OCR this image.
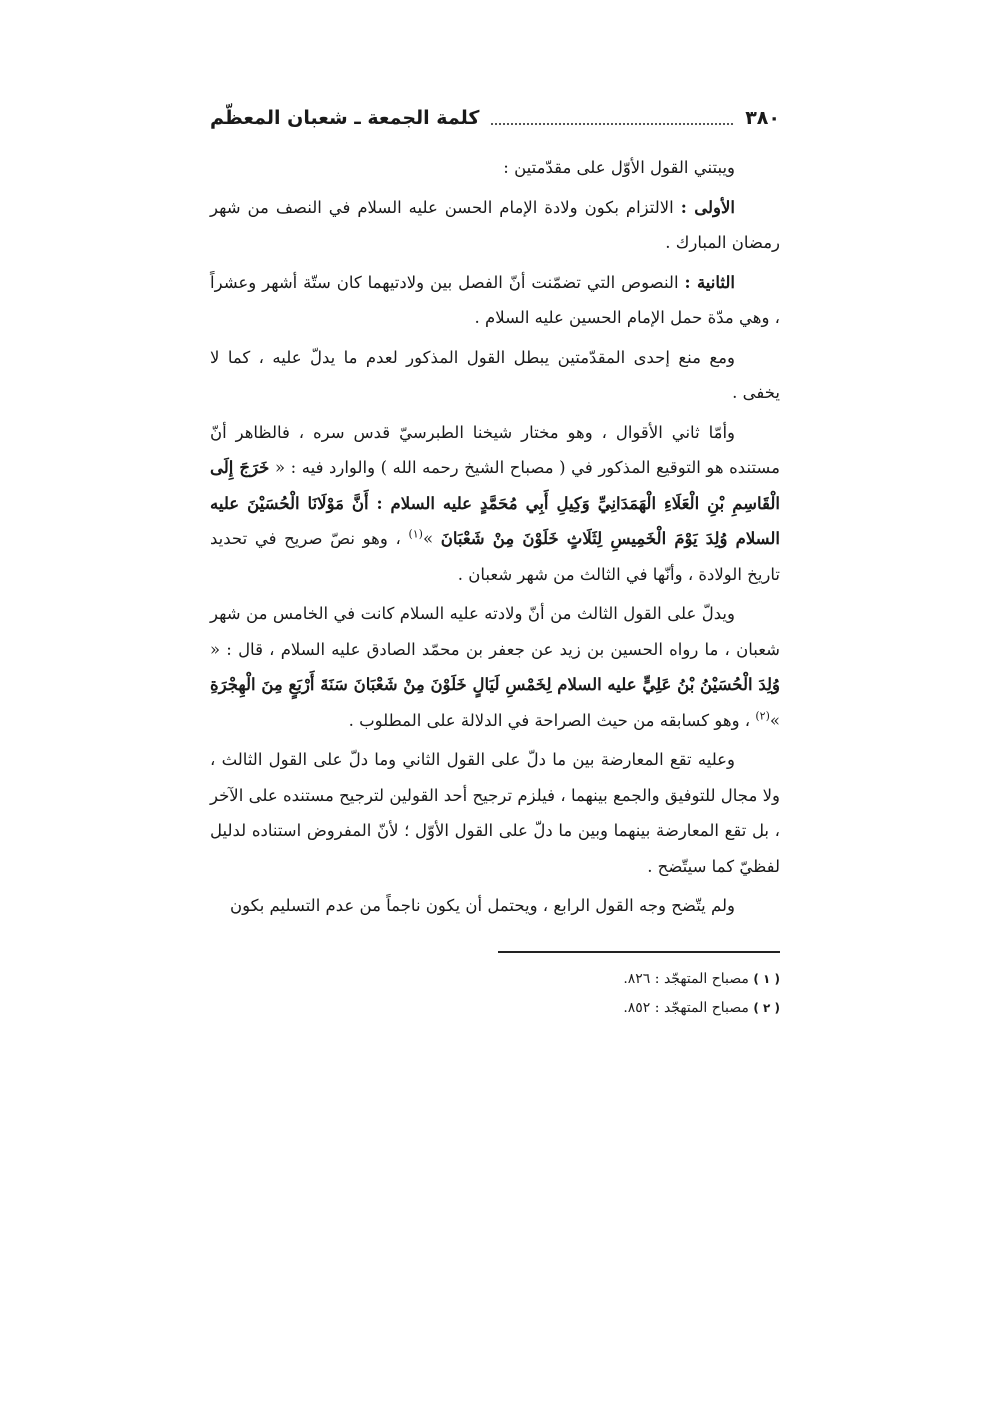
٣٨٠
كلمة الجمعة ـ شعبان المعظّم

ويبتني القول الأوّل على مقدّمتين :

الأولى : الالتزام بكون ولادة الإمام الحسن عليه السلام في النصف من شهر رمضان المبارك .

الثانية : النصوص التي تضمّنت أنّ الفصل بين ولادتيهما كان ستّة أشهر وعشراً ، وهي مدّة حمل الإمام الحسين عليه السلام .

ومع منع إحدى المقدّمتين يبطل القول المذكور لعدم ما يدلّ عليه ، كما لا يخفى .

وأمّا ثاني الأقوال ، وهو مختار شيخنا الطبرسيّ قدس سره ، فالظاهر أنّ مستنده هو التوقيع المذكور في ( مصباح الشيخ رحمه الله ) والوارد فيه : « خَرَجَ إِلَى الْقَاسِمِ بْنِ الْعَلَاءِ الْهَمَدَانِيِّ وَكِيلِ أَبِي مُحَمَّدٍ عليه السلام : أَنَّ مَوْلَانَا الْحُسَيْنَ عليه السلام وُلِدَ يَوْمَ الْخَمِيسِ لِثَلَاثٍ خَلَوْنَ مِنْ شَعْبَانَ »$^{(١)}$ ، وهو نصّ صريح في تحديد تاريخ الولادة ، وأنّها في الثالث من شهر شعبان .

ويدلّ على القول الثالث من أنّ ولادته عليه السلام كانت في الخامس من شهر شعبان ، ما رواه الحسين بن زيد عن جعفر بن محمّد الصادق عليه السلام ، قال : « وُلِدَ الْحُسَيْنُ بْنُ عَلِيٍّ عليه السلام لِخَمْسِ لَيَالٍ خَلَوْنَ مِنْ شَعْبَانَ سَنَةَ أَرْبَعٍ مِنَ الْهِجْرَةِ »$^{(٢)}$ ، وهو كسابقه من حيث الصراحة في الدلالة على المطلوب .

وعليه تقع المعارضة بين ما دلّ على القول الثاني وما دلّ على القول الثالث ، ولا مجال للتوفيق والجمع بينهما ، فيلزم ترجيح أحد القولين لترجيح مستنده على الآخر ، بل تقع المعارضة بينهما وبين ما دلّ على القول الأوّل ؛ لأنّ المفروض استناده لدليل لفظيّ كما سيتّضح .

ولم يتّضح وجه القول الرابع ، ويحتمل أن يكون ناجماً من عدم التسليم بكون

( ١ ) مصباح المتهجّد : ٨٢٦.
( ٢ ) مصباح المتهجّد : ٨٥٢.
